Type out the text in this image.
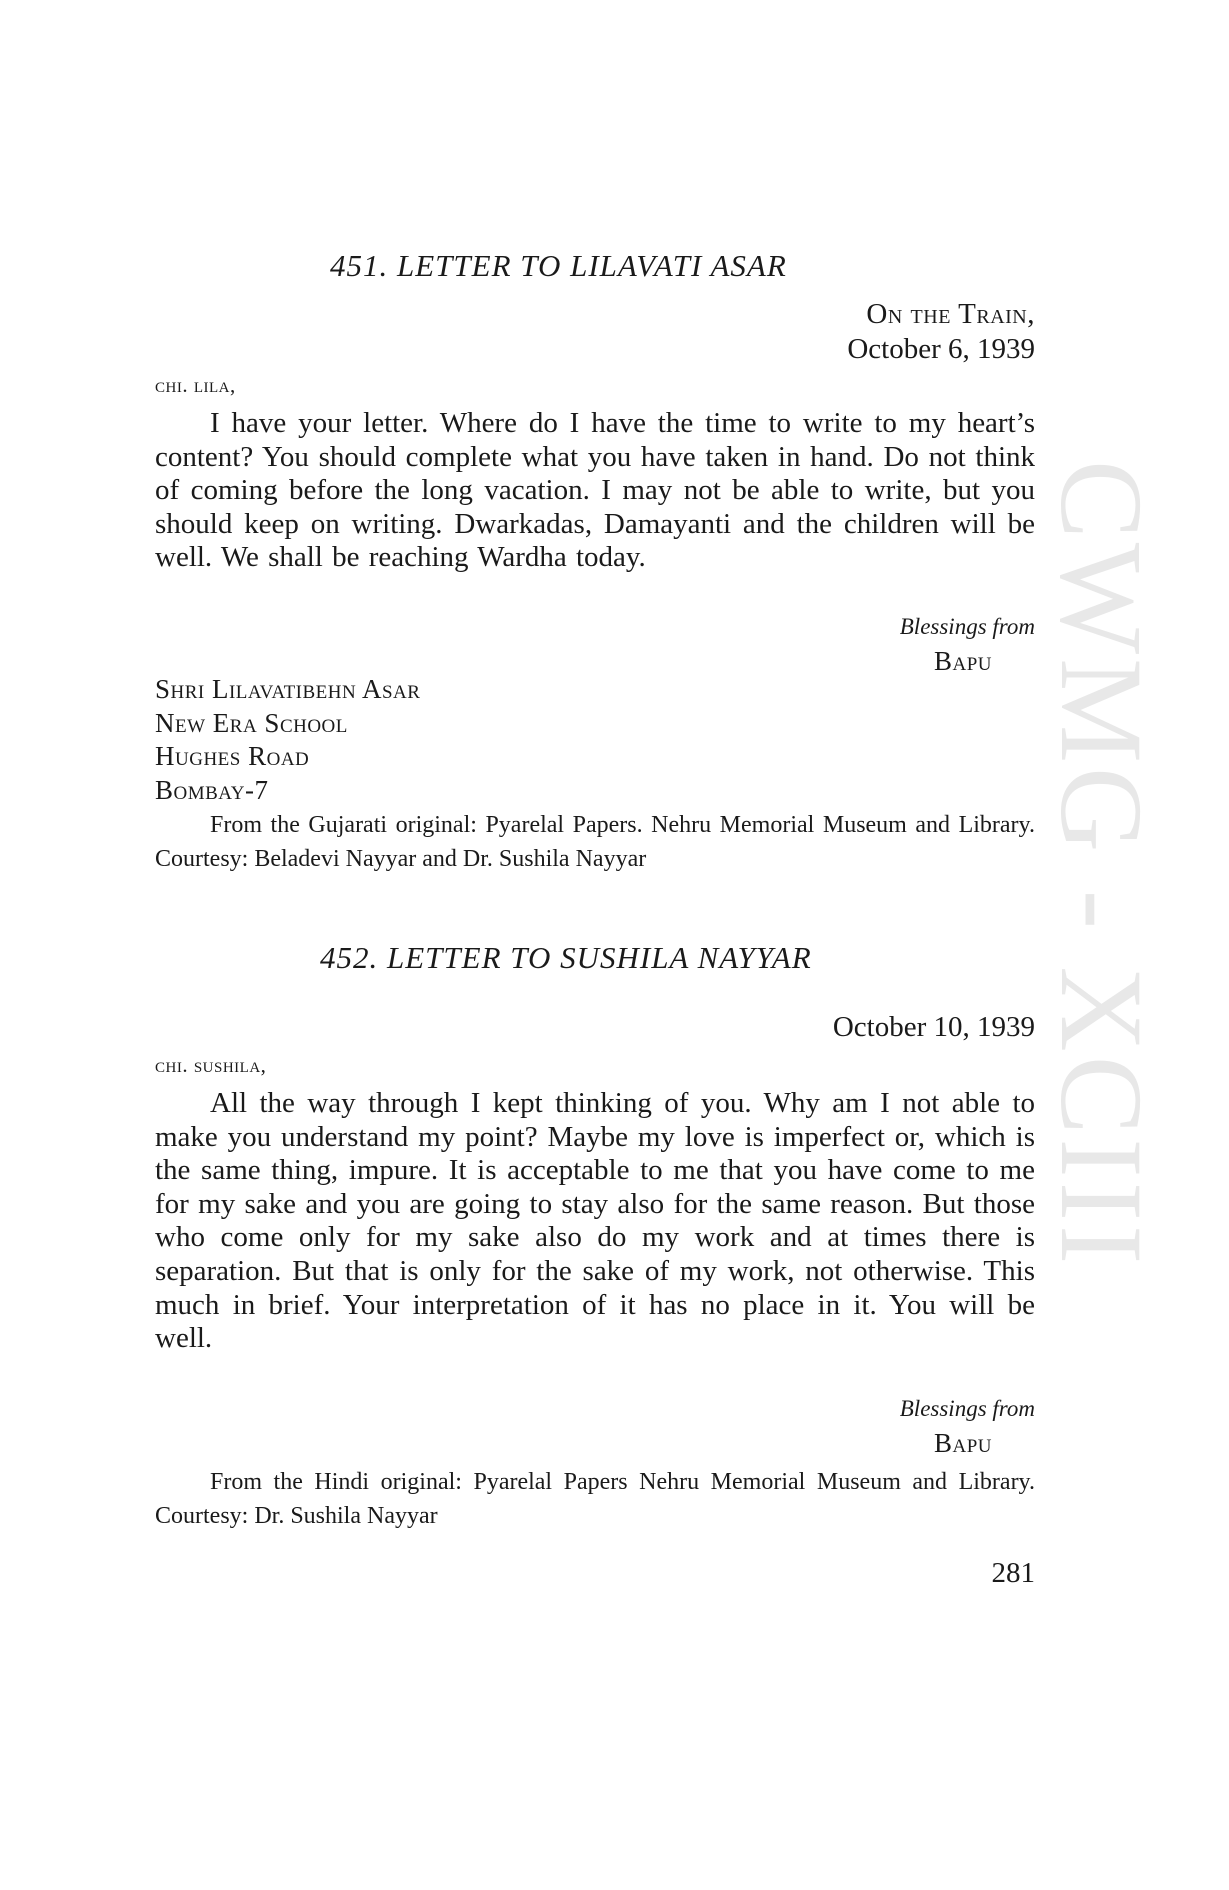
CWMG - XCIII
451. LETTER TO LILAVATI ASAR
On the Train,
October 6, 1939
chi. lila,

I have your letter. Where do I have the time to write to my heart’s content? You should complete what you have taken in hand. Do not think of coming before the long vacation. I may not be able to write, but you should keep on writing. Dwarkadas, Damayanti and the children will be well. We shall be reaching Wardha today.

Blessings from
Bapu
Shri Lilavatibehn Asar
New Era School
Hughes Road
Bombay-7

From the Gujarati original: Pyarelal Papers. Nehru Memorial Museum and Library. Courtesy: Beladevi Nayyar and Dr. Sushila Nayyar

452. LETTER TO SUSHILA NAYYAR
October 10, 1939
chi. sushila,

All the way through I kept thinking of you. Why am I not able to make you understand my point? Maybe my love is imperfect or, which is the same thing, impure. It is acceptable to me that you have come to me for my sake and you are going to stay also for the same reason. But those who come only for my sake also do my work and at times there is separation. But that is only for the sake of my work, not otherwise. This much in brief. Your interpretation of it has no place in it. You will be well.

Blessings from
Bapu

From the Hindi original: Pyarelal Papers Nehru Memorial Museum and Library. Courtesy: Dr. Sushila Nayyar

281
